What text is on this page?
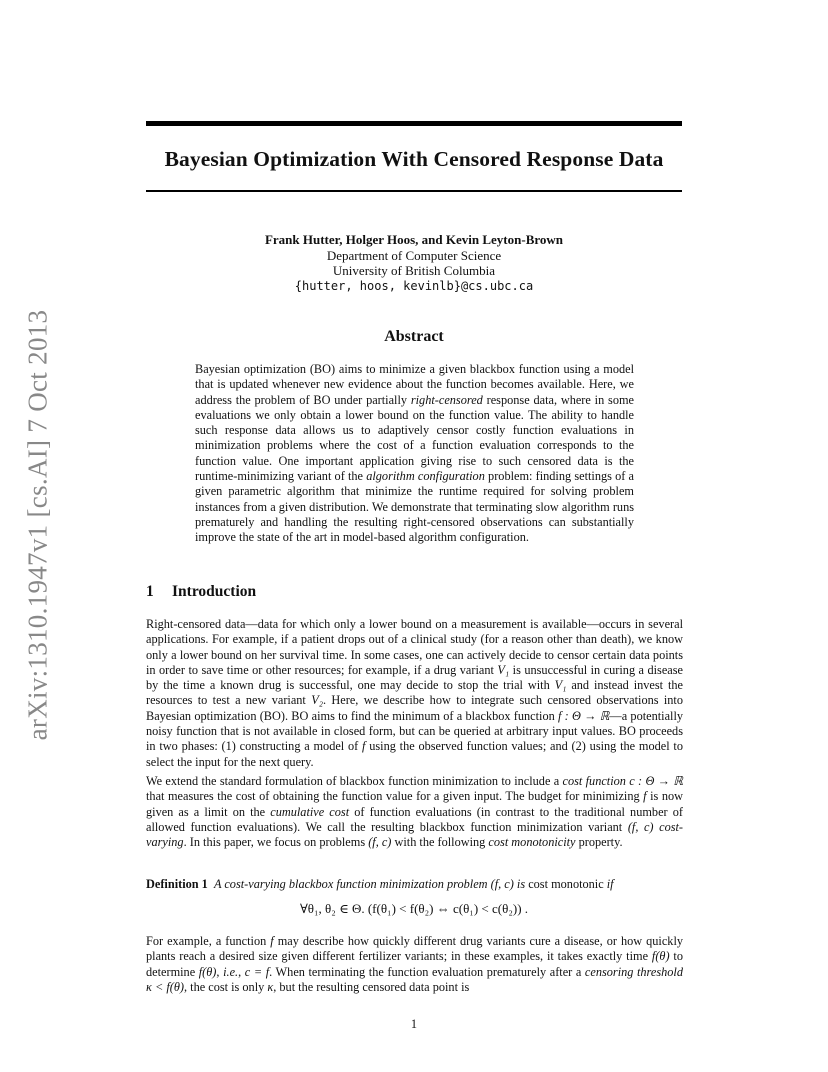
arXiv:1310.1947v1 [cs.AI] 7 Oct 2013
Bayesian Optimization With Censored Response Data
Frank Hutter, Holger Hoos, and Kevin Leyton-Brown
Department of Computer Science
University of British Columbia
{hutter, hoos, kevinlb}@cs.ubc.ca
Abstract
Bayesian optimization (BO) aims to minimize a given blackbox function using a model that is updated whenever new evidence about the function becomes available. Here, we address the problem of BO under partially right-censored response data, where in some evaluations we only obtain a lower bound on the function value. The ability to handle such response data allows us to adaptively censor costly function evaluations in minimization problems where the cost of a function evaluation corresponds to the function value. One important application giving rise to such censored data is the runtime-minimizing variant of the algorithm configuration problem: finding settings of a given parametric algorithm that minimize the runtime required for solving problem instances from a given distribution. We demonstrate that terminating slow algorithm runs prematurely and handling the resulting right-censored observations can substantially improve the state of the art in model-based algorithm configuration.
1 Introduction
Right-censored data—data for which only a lower bound on a measurement is available—occurs in several applications. For example, if a patient drops out of a clinical study (for a reason other than death), we know only a lower bound on her survival time. In some cases, one can actively decide to censor certain data points in order to save time or other resources; for example, if a drug variant V₁ is unsuccessful in curing a disease by the time a known drug is successful, one may decide to stop the trial with V₁ and instead invest the resources to test a new variant V₂. Here, we describe how to integrate such censored observations into Bayesian optimization (BO). BO aims to find the minimum of a blackbox function f : Θ → ℝ—a potentially noisy function that is not available in closed form, but can be queried at arbitrary input values. BO proceeds in two phases: (1) constructing a model of f using the observed function values; and (2) using the model to select the input for the next query.
We extend the standard formulation of blackbox function minimization to include a cost function c : Θ → ℝ that measures the cost of obtaining the function value for a given input. The budget for minimizing f is now given as a limit on the cumulative cost of function evaluations (in contrast to the traditional number of allowed function evaluations). We call the resulting blackbox function minimization variant (f, c) cost-varying. In this paper, we focus on problems (f, c) with the following cost monotonicity property.
Definition 1 A cost-varying blackbox function minimization problem (f, c) is cost monotonic if
∀θ₁, θ₂ ∈ Θ. (f(θ₁) < f(θ₂) ⇔ c(θ₁) < c(θ₂)) .
For example, a function f may describe how quickly different drug variants cure a disease, or how quickly plants reach a desired size given different fertilizer variants; in these examples, it takes exactly time f(θ) to determine f(θ), i.e., c = f. When terminating the function evaluation prematurely after a censoring threshold κ < f(θ), the cost is only κ, but the resulting censored data point is
1
